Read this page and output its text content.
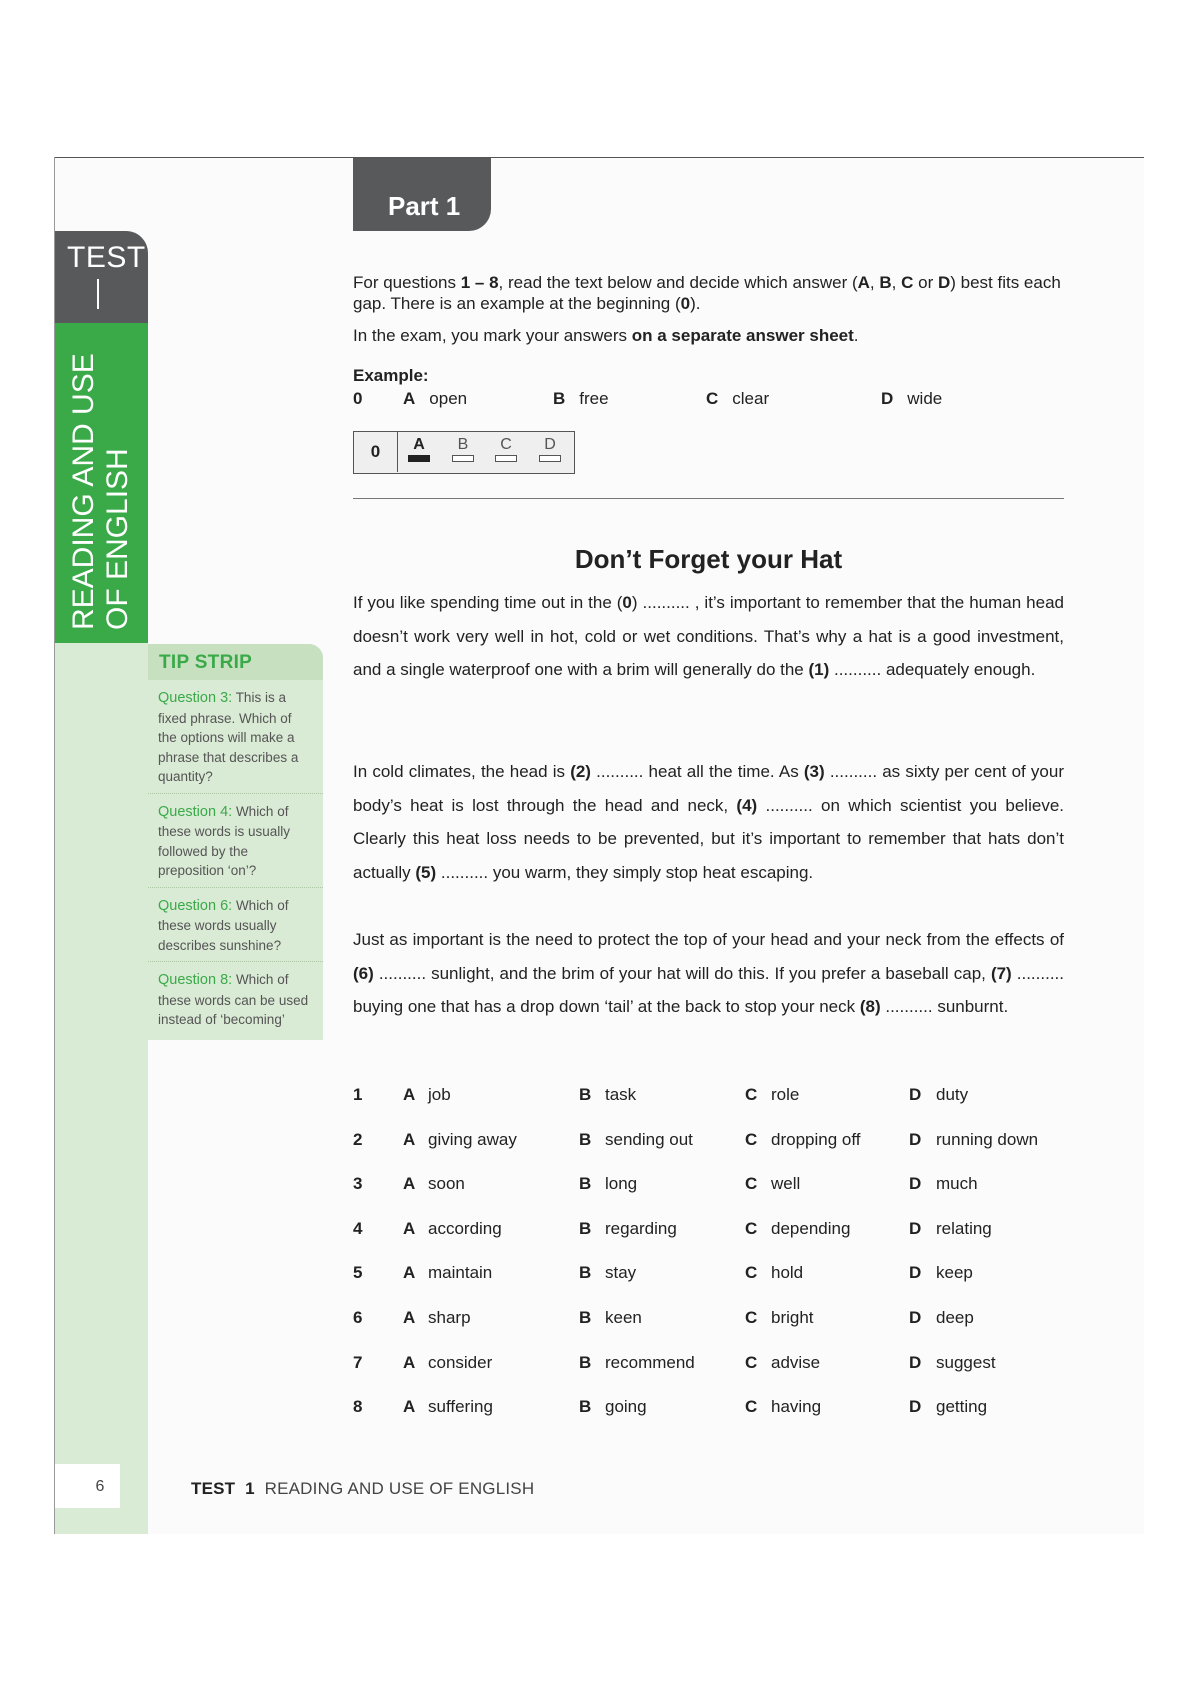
TEST
READING AND USE
OF ENGLISH
TIP STRIP
Question 3: This is a fixed phrase. Which of the options will make a phrase that describes a quantity?
Question 4: Which of these words is usually followed by the preposition ‘on’?
Question 6: Which of these words usually describes sunshine?
Question 8: Which of these words can be used instead of ‘becoming’
Part 1
For questions 1 – 8, read the text below and decide which answer (A, B, C or D) best fits each gap. There is an example at the beginning (0).
In the exam, you mark your answers on a separate answer sheet.
Example:
0 A open	B free	C clear	D wide
0	A	B	C	D
Don’t Forget your Hat
If you like spending time out in the (0) .......... , it’s important to remember that the human head doesn’t work very well in hot, cold or wet conditions. That’s why a hat is a good investment, and a single waterproof one with a brim will generally do the (1) .......... adequately enough.
In cold climates, the head is (2) .......... heat all the time. As (3) .......... as sixty per cent of your body’s heat is lost through the head and neck, (4) .......... on which scientist you believe. Clearly this heat loss needs to be prevented, but it’s important to remember that hats don’t actually (5) .......... you warm, they simply stop heat escaping.
Just as important is the need to protect the top of your head and your neck from the effects of (6) .......... sunlight, and the brim of your hat will do this. If you prefer a baseball cap, (7) .......... buying one that has a drop down ‘tail’ at the back to stop your neck (8) .......... sunburnt.
1 A job	B task	C role	D duty
2 A giving away	B sending out	C dropping off	D running down
3 A soon	B long	C well	D much
4 A according	B regarding	C depending	D relating
5 A maintain	B stay	C hold	D keep
6 A sharp	B keen	C bright	D deep
7 A consider	B recommend	C advise	D suggest
8 A suffering	B going	C having	D getting
6	TEST 1 READING AND USE OF ENGLISH
